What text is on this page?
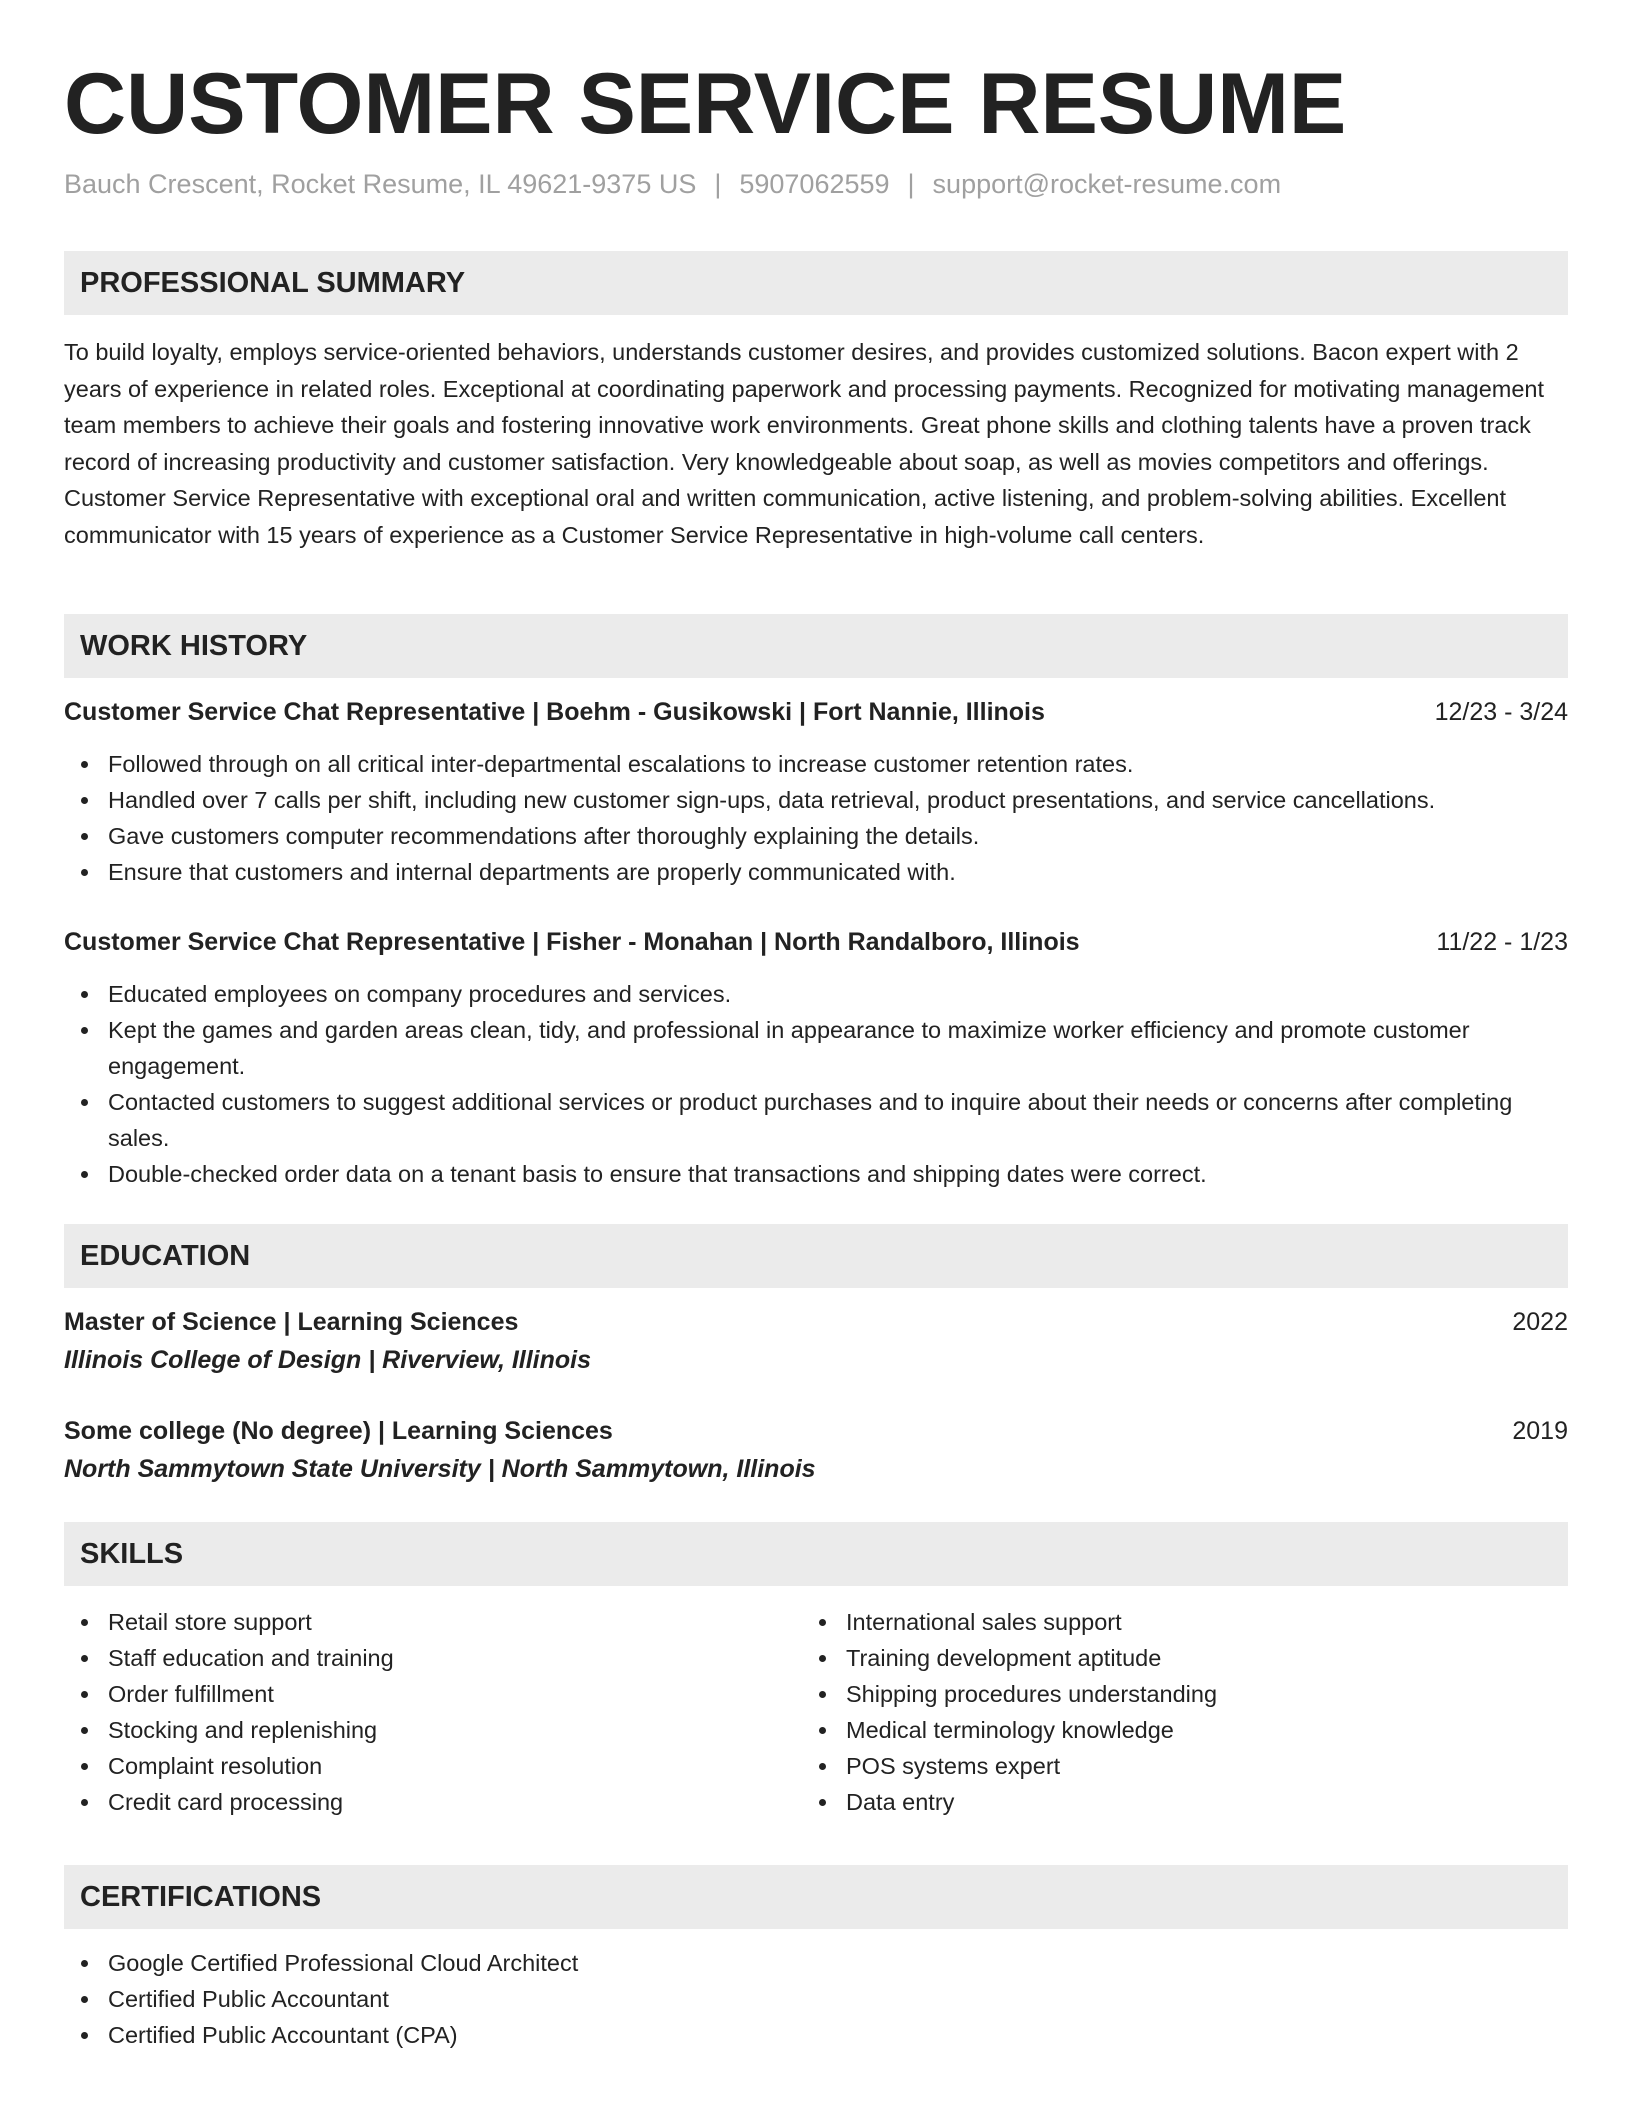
CUSTOMER SERVICE RESUME
Bauch Crescent, Rocket Resume, IL 49621-9375 US | 5907062559 | support@rocket-resume.com
PROFESSIONAL SUMMARY

To build loyalty, employs service-oriented behaviors, understands customer desires, and provides customized solutions. Bacon expert with 2 years of experience in related roles. Exceptional at coordinating paperwork and processing payments. Recognized for motivating management team members to achieve their goals and fostering innovative work environments. Great phone skills and clothing talents have a proven track record of increasing productivity and customer satisfaction. Very knowledgeable about soap, as well as movies competitors and offerings. Customer Service Representative with exceptional oral and written communication, active listening, and problem-solving abilities. Excellent communicator with 15 years of experience as a Customer Service Representative in high-volume call centers.

WORK HISTORY
Customer Service Chat Representative | Boehm - Gusikowski | Fort Nannie, Illinois	12/23 - 3/24
Followed through on all critical inter-departmental escalations to increase customer retention rates.
Handled over 7 calls per shift, including new customer sign-ups, data retrieval, product presentations, and service cancellations.
Gave customers computer recommendations after thoroughly explaining the details.
Ensure that customers and internal departments are properly communicated with.
Customer Service Chat Representative | Fisher - Monahan | North Randalboro, Illinois	11/22 - 1/23
Educated employees on company procedures and services.
Kept the games and garden areas clean, tidy, and professional in appearance to maximize worker efficiency and promote customer engagement.
Contacted customers to suggest additional services or product purchases and to inquire about their needs or concerns after completing sales.
Double-checked order data on a tenant basis to ensure that transactions and shipping dates were correct.
EDUCATION
Master of Science | Learning Sciences	2022
Illinois College of Design | Riverview, Illinois
Some college (No degree) | Learning Sciences	2019
North Sammytown State University | North Sammytown, Illinois
SKILLS
Retail store support
Staff education and training
Order fulfillment
Stocking and replenishing
Complaint resolution
Credit card processing
International sales support
Training development aptitude
Shipping procedures understanding
Medical terminology knowledge
POS systems expert
Data entry
CERTIFICATIONS
Google Certified Professional Cloud Architect
Certified Public Accountant
Certified Public Accountant (CPA)
